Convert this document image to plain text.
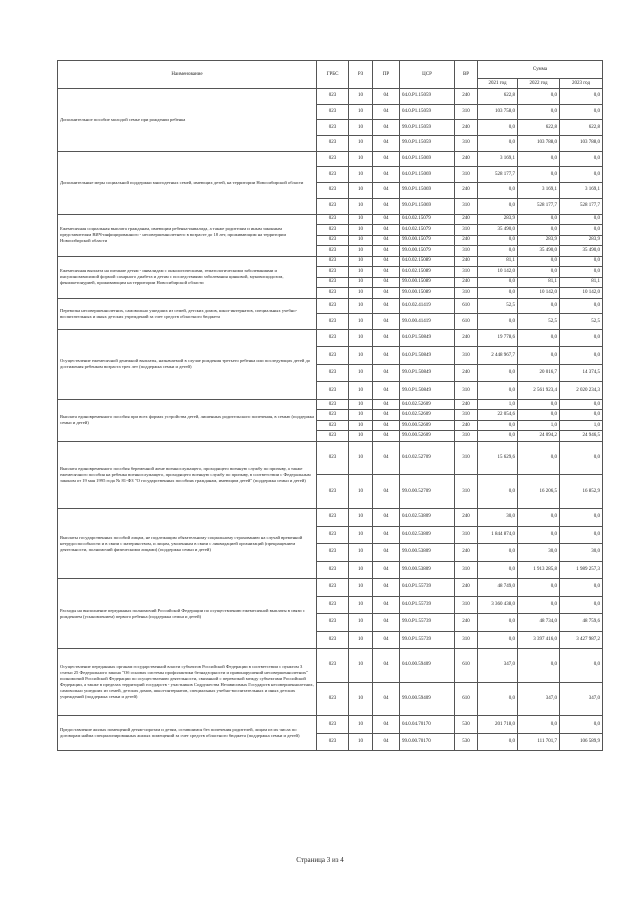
Наименование	ГРБС	РЗ	ПР	ЦСР	ВР	Сумма		
						2021 год	2022 год	2023 год
Дополнительное пособие молодой семье при рождении ребенка	023	10	04	04.0.P1.15059	240	622,8	0,0	0,0
	023	10	04	04.0.P1.15059	310	103 758,0	0,0	0,0
	023	10	04	99.0.P1.15059	240	0,0	622,8	622,8
	023	10	04	99.0.P1.15059	310	0,0	103 788,0	103 788,0
Дополнительные меры социальной поддержки многодетных семей, имеющих детей, на территории Новосибирской области	023	10	04	04.0.P1.15069	240	3 169,1	0,0	0,0
	023	10	04	04.0.P1.15069	310	528 177,7	0,0	0,0
	023	10	04	99.0.P1.15069	240	0,0	3 169,1	3 169,1
	023	10	04	99.0.P1.15069	310	0,0	528 177,7	528 177,7
Ежемесячная социальная выплата гражданам, имеющим ребенка-инвалида, а также родителям и иным законным представителям ВИЧ-инфицированного - несовершеннолетнего в возрасте до 18 лет, проживающим на территории Новосибирской области	023	10	04	04.0.02.15079	240	283,9	0,0	0,0
	023	10	04	04.0.02.15079	310	35 490,0	0,0	0,0
	023	10	04	99.0.00.15079	240	0,0	283,9	283,9
	023	10	04	99.0.00.15079	310	0,0	35 490,0	35 490,0
Ежемесячная выплата на питание детям - инвалидам с онкологическими, гематологическими заболеваниями и инсулинозависимой формой сахарного диабета и детям с последствиями заболевания цинковой, муковисцидозом, фенилкетонурией, проживающим на территории Новосибирской области	023	10	04	04.0.02.15089	240	81,1	0,0	0,0
	023	10	04	04.0.02.15089	310	10 142,0	0,0	0,0
	023	10	04	99.0.00.15089	240	0,0	81,1	81,1
	023	10	04	99.0.00.15089	310	0,0	10 142,0	10 142,0
Перевозка несовершеннолетних, самовольно ушедших из семей, детских домов, школ-интернатов, специальных учебно-воспитательных и иных детских учреждений за счет средств областного бюджета	023	10	04	04.0.02.41419	610	52,5	0,0	0,0
	023	10	04	99.0.00.41419	610	0,0	52,5	52,5
Осуществление ежемесячной денежной выплаты, назначаемой в случае рождения третьего ребенка или последующих детей до достижения ребенком возраста трех лет (поддержка семьи и детей)	023	10	04	04.0.P1.50849	240	19 778,6	0,0	0,0
	023	10	04	04.0.P1.50849	310	2 448 967,7	0,0	0,0
	023	10	04	99.0.P1.50849	240	0,0	20 016,7	14 374,5
	023	10	04	99.0.P1.50849	310	0,0	2 561 923,4	2 020 234,3
Выплата единовременного пособия при всех формах устройства детей, лишенных родительского попечения, в семью (поддержка семьи и детей)	023	10	04	04.0.02.52609	240	1,0	0,0	0,0
	023	10	04	04.0.02.52609	310	22 054,6	0,0	0,0
	023	10	04	99.0.00.52609	240	0,0	1,0	1,0
	023	10	04	99.0.00.52609	310	0,0	24 094,2	24 946,5
Выплата единовременного пособия беременной жене военнослужащего, проходящего военную службу по призыву, а также ежемесячного пособия на ребенка военнослужащего, проходящего военную службу по призыву, в соответствии с Федеральным законом от 19 мая 1995 года № 81-ФЗ "О государственных пособиях гражданам, имеющим детей" (поддержка семьи и детей)	023	10	04	04.0.02.52709	310	15 629,6	0,0	0,0
	023	10	04	99.0.00.52709	310	0,0	16 206,5	16 852,9
Выплаты государственных пособий лицам, не подлежащим обязательному социальному страхованию на случай временной нетрудоспособности и в связи с материнством, и лицам, уволенным в связи с ликвидацией организаций (прекращением деятельности, полномочий физическими лицами) (поддержка семьи и детей)	023	10	04	04.0.02.53809	240	30,0	0,0	0,0
	023	10	04	04.0.02.53809	310	1 844 874,0	0,0	0,0
	023	10	04	99.0.00.53809	240	0,0	30,0	30,0
	023	10	04	99.0.00.53809	310	0,0	1 913 285,8	1 989 257,3
Расходы на выполнение переданных полномочий Российской Федерации по осуществлению ежемесячной выплаты в связи с рождением (усыновлением) первого ребенка (поддержка семьи и детей)	023	10	04	04.0.P1.55739	240	48 749,0	0,0	0,0
	023	10	04	04.0.P1.55739	310	3 360 438,0	0,0	0,0
	023	10	04	99.0.P1.55739	240	0,0	48 734,0	48 759,6
	023	10	04	99.0.P1.55739	310	0,0	3 397 416,0	3 427 987,2
Осуществление переданных органам государственной власти субъектов Российской Федерации в соответствии с пунктом 3 статьи 25 Федерального закона "Об основах системы профилактики безнадзорности и правонарушений несовершеннолетних" полномочий Российской Федерации по осуществлению деятельности, связанной с перевозкой между субъектами Российской Федерации, а также в пределах территорий государств - участников Содружества Независимых Государств несовершеннолетних, самовольно ушедших из семей, детских домов, школ-интернатов, специальных учебно-воспитательных и иных детских учреждений (поддержка семьи и детей)	023	10	04	04.0.00.59409	610	347,0	0,0	0,0
	023	10	04	99.0.00.59409	610	0,0	347,0	347,0
Предоставление жилых помещений детям-сиротам и детям, оставшимся без попечения родителей, лицам из их числа по договорам найма специализированных жилых помещений за счет средств областного бюджета (поддержка семьи и детей)	023	10	04	04.0.04.70170	530	201 718,0	0,0	0,0
	023	10	04	99.0.00.70170	530	0,0	111 701,7	106 589,9
Страница 3 из 4
